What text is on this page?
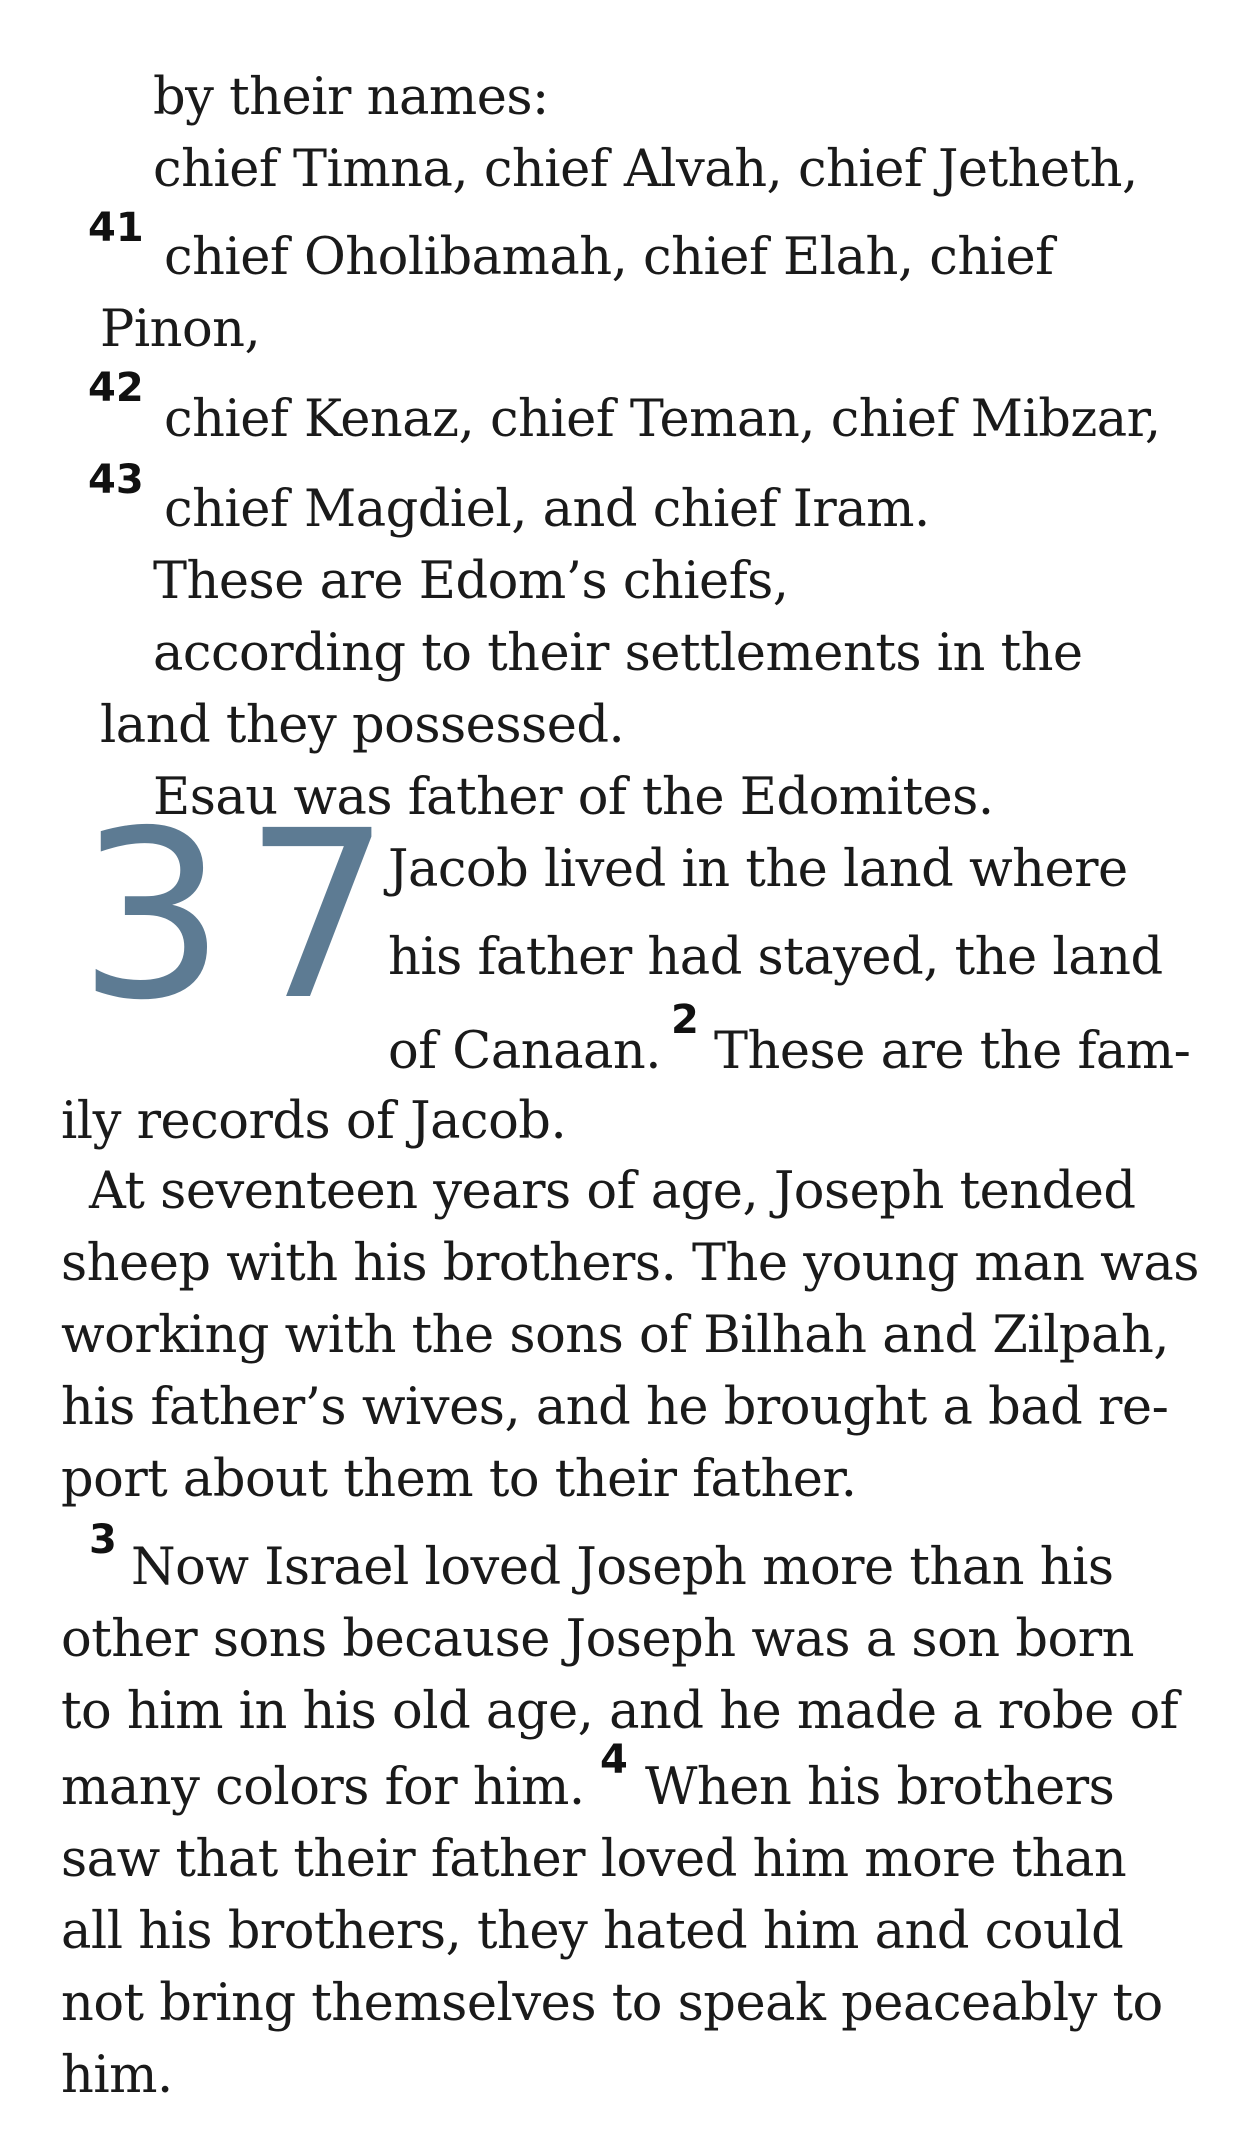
by their names:
chief Timna, chief Alvah, chief Jetheth,
41 chief Oholibamah, chief Elah, chief
Pinon,
42
chief Kenaz, chief Teman, chief Mibzar,
43 chief Magdiel, and chief Iram.
These are Edom’s chiefs,
according to their settlements in the
land they possessed.
Esau was father of the Edomites.
37
Jacob lived in the land where
his father had stayed, the land
of Canaan.
2
These are the fam-
ily records of Jacob.
At seventeen years of age, Joseph tended
sheep with his brothers. The young man was
working with the sons of Bilhah and Zilpah,
his father’s wives, and he brought a bad re-
port about them to their father.
3 Now Israel loved Joseph more than his
other sons because Joseph was a son born
to him in his old age, and he made a robe of
many colors for him. 4 When his brothers
saw that their father loved him more than
all his brothers, they hated him and could
not bring themselves to speak peaceably to
him.
